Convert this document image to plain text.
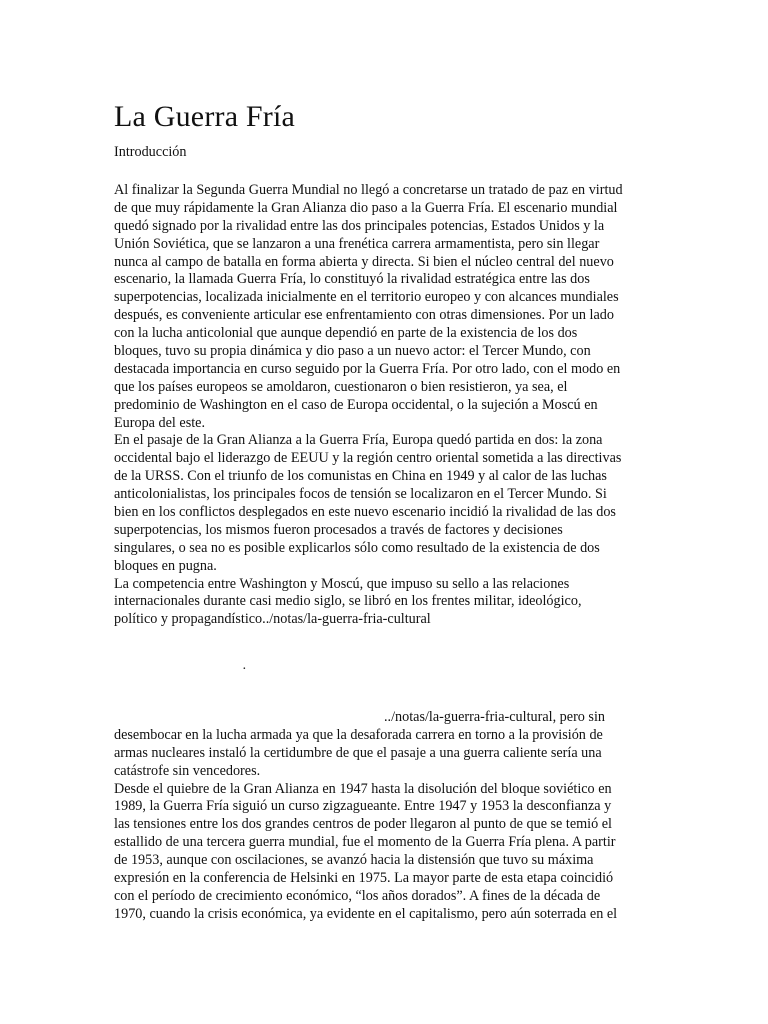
La Guerra Fría

Introducción

Al finalizar la Segunda Guerra Mundial no llegó a concretarse un tratado de paz en virtud
de que muy rápidamente la Gran Alianza dio paso a la Guerra Fría. El escenario mundial
quedó signado por la rivalidad entre las dos principales potencias, Estados Unidos y la
Unión Soviética, que se lanzaron a una frenética carrera armamentista, pero sin llegar
nunca al campo de batalla en forma abierta y directa. Si bien el núcleo central del nuevo
escenario, la llamada Guerra Fría, lo constituyó la rivalidad estratégica entre las dos
superpotencias, localizada inicialmente en el territorio europeo y con alcances mundiales
después, es conveniente articular ese enfrentamiento con otras dimensiones. Por un lado
con la lucha anticolonial que aunque dependió en parte de la existencia de los dos
bloques, tuvo su propia dinámica y dio paso a un nuevo actor: el Tercer Mundo, con
destacada importancia en curso seguido por la Guerra Fría. Por otro lado, con el modo en
que los países europeos se amoldaron, cuestionaron o bien resistieron, ya sea, el
predominio de Washington en el caso de Europa occidental, o la sujeción a Moscú en
Europa del este.
En el pasaje de la Gran Alianza a la Guerra Fría, Europa quedó partida en dos: la zona
occidental bajo el liderazgo de EEUU y la región centro oriental sometida a las directivas
de la URSS. Con el triunfo de los comunistas en China en 1949 y al calor de las luchas
anticolonialistas, los principales focos de tensión se localizaron en el Tercer Mundo. Si
bien en los conflictos desplegados en este nuevo escenario incidió la rivalidad de las dos
superpotencias, los mismos fueron procesados a través de factores y decisiones
singulares, o sea no es posible explicarlos sólo como resultado de la existencia de dos
bloques en pugna.
La competencia entre Washington y Moscú, que impuso su sello a las relaciones
internacionales durante casi medio siglo, se libró en los frentes militar, ideológico,
político y propagandístico../notas/la-guerra-fria-cultural
·
../notas/la-guerra-fria-cultural, pero sin
desembocar en la lucha armada ya que la desaforada carrera en torno a la provisión de
armas nucleares instaló la certidumbre de que el pasaje a una guerra caliente sería una
catástrofe sin vencedores.
Desde el quiebre de la Gran Alianza en 1947 hasta la disolución del bloque soviético en
1989, la Guerra Fría siguió un curso zigzagueante. Entre 1947 y 1953 la desconfianza y
las tensiones entre los dos grandes centros de poder llegaron al punto de que se temió el
estallido de una tercera guerra mundial, fue el momento de la Guerra Fría plena. A partir
de 1953, aunque con oscilaciones, se avanzó hacia la distensión que tuvo su máxima
expresión en la conferencia de Helsinki en 1975. La mayor parte de esta etapa coincidió
con el período de crecimiento económico, “los años dorados”. A fines de la década de
1970, cuando la crisis económica, ya evidente en el capitalismo, pero aún soterrada en el
